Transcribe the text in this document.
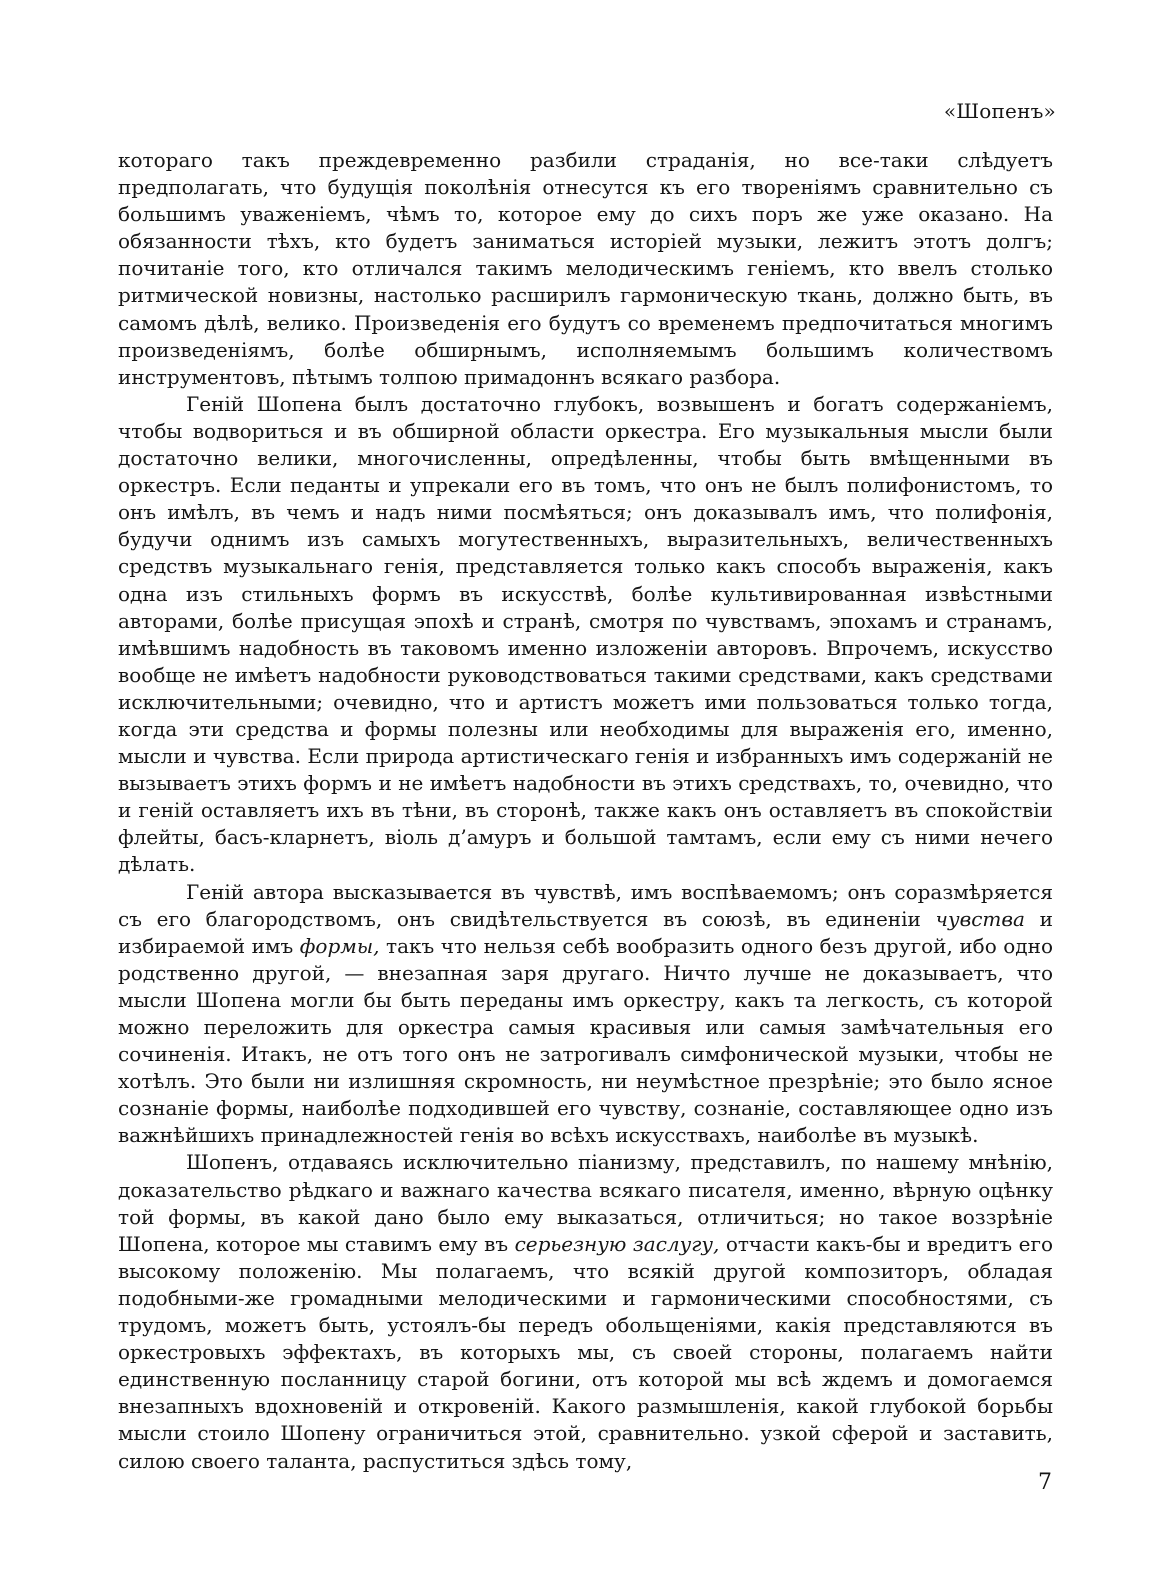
«Шопенъ»

котораго такъ преждевременно разбили страданія, но все-таки слѣдуетъ предполагать, что будущія поколѣнія отнесутся къ его твореніямъ сравнительно съ большимъ уваженіемъ, чѣмъ то, которое ему до сихъ поръ же уже оказано. На обязанности тѣхъ, кто будетъ заниматься исторіей музыки, лежитъ этотъ долгъ; почитаніе того, кто отличался такимъ мелодическимъ геніемъ, кто ввелъ столько ритмической новизны, настолько расширилъ гармоническую ткань, должно быть, въ самомъ дѣлѣ, велико. Произведенія его будутъ со временемъ предпочитаться многимъ произведеніямъ, болѣе обширнымъ, исполняемымъ большимъ количествомъ инструментовъ, пѣтымъ толпою примадоннъ всякаго разбора.

Геній Шопена былъ достаточно глубокъ, возвышенъ и богатъ содержаніемъ, чтобы водвориться и въ обширной области оркестра. Его музыкальныя мысли были достаточно велики, многочисленны, опредѣленны, чтобы быть вмѣщенными въ оркестръ. Если педанты и упрекали его въ томъ, что онъ не былъ полифонистомъ, то онъ имѣлъ, въ чемъ и надъ ними посмѣяться; онъ доказывалъ имъ, что полифонія, будучи однимъ изъ самыхъ могутественныхъ, выразительныхъ, величественныхъ средствъ музыкальнаго генія, представляется только какъ способъ выраженія, какъ одна изъ стильныхъ формъ въ искусствѣ, болѣе культивированная извѣстными авторами, болѣе присущая эпохѣ и странѣ, смотря по чувствамъ, эпохамъ и странамъ, имѣвшимъ надобность въ таковомъ именно изложеніи авторовъ. Впрочемъ, искусство вообще не имѣетъ надобности руководствоваться такими средствами, какъ средствами исключительными; очевидно, что и артистъ можетъ ими пользоваться только тогда, когда эти средства и формы полезны или необходимы для выраженія его, именно, мысли и чувства. Если природа артистическаго генія и избранныхъ имъ содержаній не вызываетъ этихъ формъ и не имѣетъ надобности въ этихъ средствахъ, то, очевидно, что и геній оставляетъ ихъ въ тѣни, въ сторонѣ, также какъ онъ оставляетъ въ спокойствіи флейты, басъ-кларнетъ, віоль д’амуръ и большой тамтамъ, если ему съ ними нечего дѣлать.

Геній автора высказывается въ чувствѣ, имъ воспѣваемомъ; онъ соразмѣряется съ его благородствомъ, онъ свидѣтельствуется въ союзѣ, въ единеніи чувства и избираемой имъ формы, такъ что нельзя себѣ вообразить одного безъ другой, ибо одно родственно другой, — внезапная заря другаго. Ничто лучше не доказываетъ, что мысли Шопена могли бы быть переданы имъ оркестру, какъ та легкость, съ которой можно переложить для оркестра самыя красивыя или самыя замѣчательныя его сочиненія. Итакъ, не отъ того онъ не затрогивалъ симфонической музыки, чтобы не хотѣлъ. Это были ни излишняя скромность, ни неумѣстное презрѣніе; это было ясное сознаніе формы, наиболѣе подходившей его чувству, сознаніе, составляющее одно изъ важнѣйшихъ принадлежностей генія во всѣхъ искусствахъ, наиболѣе въ музыкѣ.

Шопенъ, отдаваясь исключительно піанизму, представилъ, по нашему мнѣнію, доказательство рѣдкаго и важнаго качества всякаго писателя, именно, вѣрную оцѣнку той формы, въ какой дано было ему выказаться, отличиться; но такое воззрѣніе Шопена, которое мы ставимъ ему въ серьезную заслугу, отчасти какъ-бы и вредитъ его высокому положенію. Мы полагаемъ, что всякій другой композиторъ, обладая подобными-же громадными мелодическими и гармоническими способностями, съ трудомъ, можетъ быть, устоялъ-бы передъ обольщеніями, какія представляются въ оркестровыхъ эффектахъ, въ которыхъ мы, съ своей стороны, полагаемъ найти единственную посланницу старой богини, отъ которой мы всѣ ждемъ и домогаемся внезапныхъ вдохновеній и откровеній. Какого размышленія, какой глубокой борьбы мысли стоило Шопену ограничиться этой, сравнительно. узкой сферой и заставить, силою своего таланта, распуститься здѣсь тому,

7
